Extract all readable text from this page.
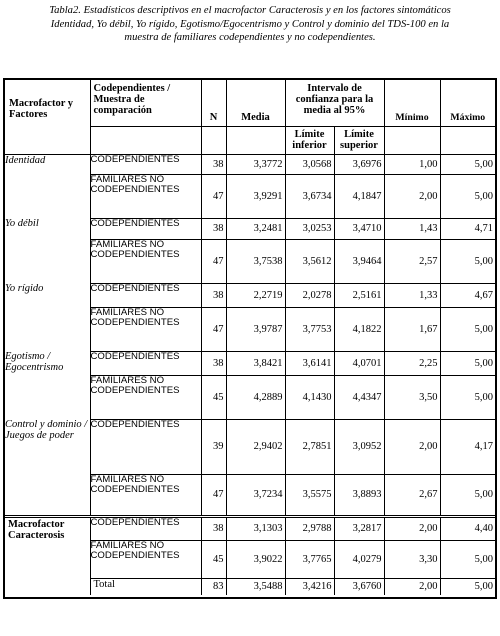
Tabla2. Estadísticos descriptivos en el macrofactor Caracterosis y en los factores sintomáticos
Identidad, Yo débil, Yo rígido, Egotismo/Egocentrismo y Control y dominio del TDS-100 en la
muestra de familiares codependientes y no codependientes.
Macrofactor y Factores	Codependientes / Muestra de comparación	N	Media	Intervalo de confianza para la media al 95%		Mínimo	Máximo
				Límite inferior	Límite superior		
Identidad	CODEPENDIENTES	38	3,3772	3,0568	3,6976	1,00	5,00
	FAMILIARES NO CODEPENDIENTES	47	3,9291	3,6734	4,1847	2,00	5,00
Yo débil	CODEPENDIENTES	38	3,2481	3,0253	3,4710	1,43	4,71
	FAMILIARES NO CODEPENDIENTES	47	3,7538	3,5612	3,9464	2,57	5,00
Yo rígido	CODEPENDIENTES	38	2,2719	2,0278	2,5161	1,33	4,67
	FAMILIARES NO CODEPENDIENTES	47	3,9787	3,7753	4,1822	1,67	5,00
Egotismo / Egocentrismo	CODEPENDIENTES	38	3,8421	3,6141	4,0701	2,25	5,00
	FAMILIARES NO CODEPENDIENTES	45	4,2889	4,1430	4,4347	3,50	5,00
Control y dominio / Juegos de poder	CODEPENDIENTES	39	2,9402	2,7851	3,0952	2,00	4,17
	FAMILIARES NO CODEPENDIENTES	47	3,7234	3,5575	3,8893	2,67	5,00
Macrofactor Caracterosis	CODEPENDIENTES	38	3,1303	2,9788	3,2817	2,00	4,40
	FAMILIARES NO CODEPENDIENTES	45	3,9022	3,7765	4,0279	3,30	5,00
	Total	83	3,5488	3,4216	3,6760	2,00	5,00
